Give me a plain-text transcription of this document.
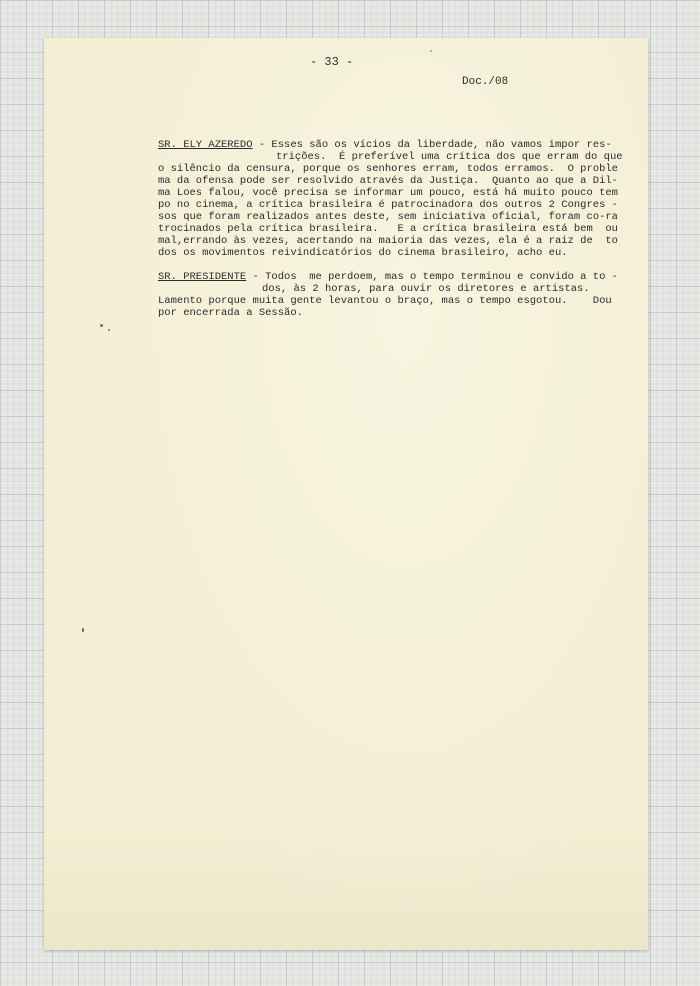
- 33 -
Doc./08
SR. ELY AZEREDO - Esses são os vícios da liberdade, não vamos impor res-
trições.  É preferível uma crítica dos que erram do que
o silêncio da censura, porque os senhores erram, todos erramos.  O proble
ma da ofensa pode ser resolvido através da Justiça.  Quanto ao que a Dil-
ma Loes falou, você precisa se informar um pouco, está há muito pouco tem
po no cinema, a crítica brasileira é patrocinadora dos outros 2 Congres -
sos que foram realizados antes deste, sem iniciativa oficial, foram co-ra
trocinados pela crítica brasileira.   E a crítica brasileira está bem  ou
mal,errando às vezes, acertando na maioria das vezes, ela é a raiz de  to
dos os movimentos reivindicatórios do cinema brasileiro, acho eu.
SR. PRESIDENTE - Todos  me perdoem, mas o tempo terminou e convido a to -
dos, às 2 horas, para ouvir os diretores e artistas.
Lamento porque muita gente levantou o braço, mas o tempo esgotou.    Dou
por encerrada a Sessão.
